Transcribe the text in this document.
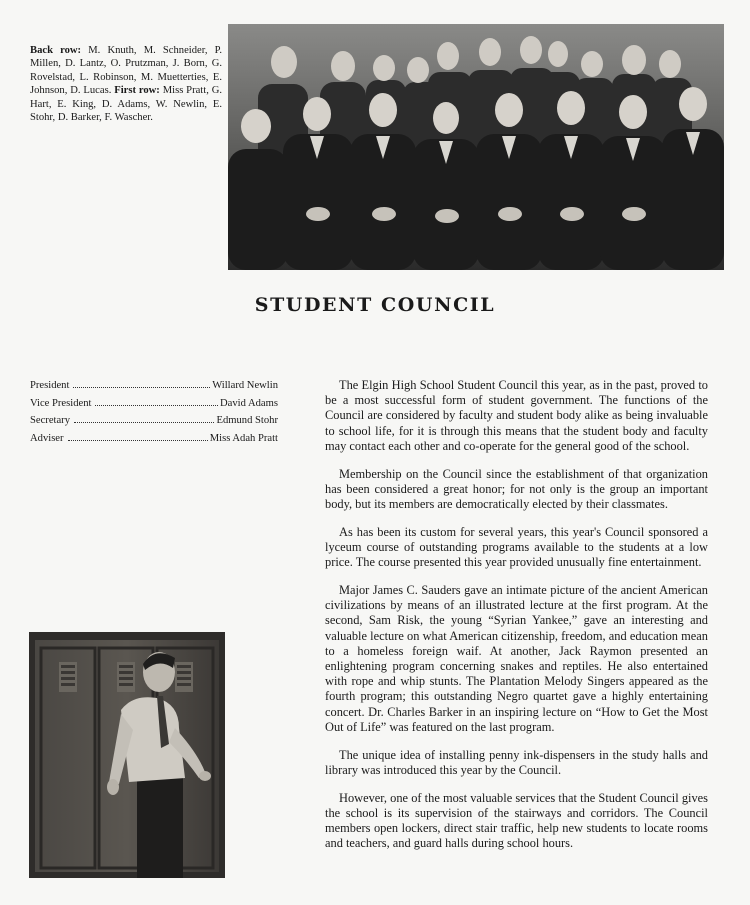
Back row: M. Knuth, M. Schneider, P. Millen, D. Lantz, O. Prutzman, J. Born, G. Rovelstad, L. Robinson, M. Muetterties, E. Johnson, D. Lucas. First row: Miss Pratt, G. Hart, E. King, D. Adams, W. Newlin, E. Stohr, D. Barker, F. Wascher.
STUDENT COUNCIL
President	Willard Newlin
Vice President	David Adams
Secretary	Edmund Stohr
Adviser	Miss Adah Pratt

The Elgin High School Student Council this year, as in the past, proved to be a most successful form of student government. The functions of the Council are considered by faculty and student body alike as being invaluable to school life, for it is through this means that the student body and faculty may contact each other and co-operate for the general good of the school.

Membership on the Council since the establishment of that organization has been considered a great honor; for not only is the group an important body, but its members are democratically elected by their classmates.

As has been its custom for several years, this year's Council sponsored a lyceum course of outstanding programs available to the students at a low price. The course presented this year provided unusually fine entertainment.

Major James C. Sauders gave an intimate picture of the ancient American civilizations by means of an illustrated lecture at the first program. At the second, Sam Risk, the young “Syrian Yankee,” gave an interesting and valuable lecture on what American citizenship, freedom, and education mean to a homeless foreign waif. At another, Jack Raymon presented an enlightening program concerning snakes and reptiles. He also entertained with rope and whip stunts. The Plantation Melody Singers appeared as the fourth program; this outstanding Negro quartet gave a highly entertaining concert. Dr. Charles Barker in an inspiring lecture on “How to Get the Most Out of Life” was featured on the last program.

The unique idea of installing penny ink-dispensers in the study halls and library was introduced this year by the Council.

However, one of the most valuable services that the Student Council gives the school is its supervision of the stairways and corridors. The Council members open lockers, direct stair traffic, help new students to locate rooms and teachers, and guard halls during school hours.
